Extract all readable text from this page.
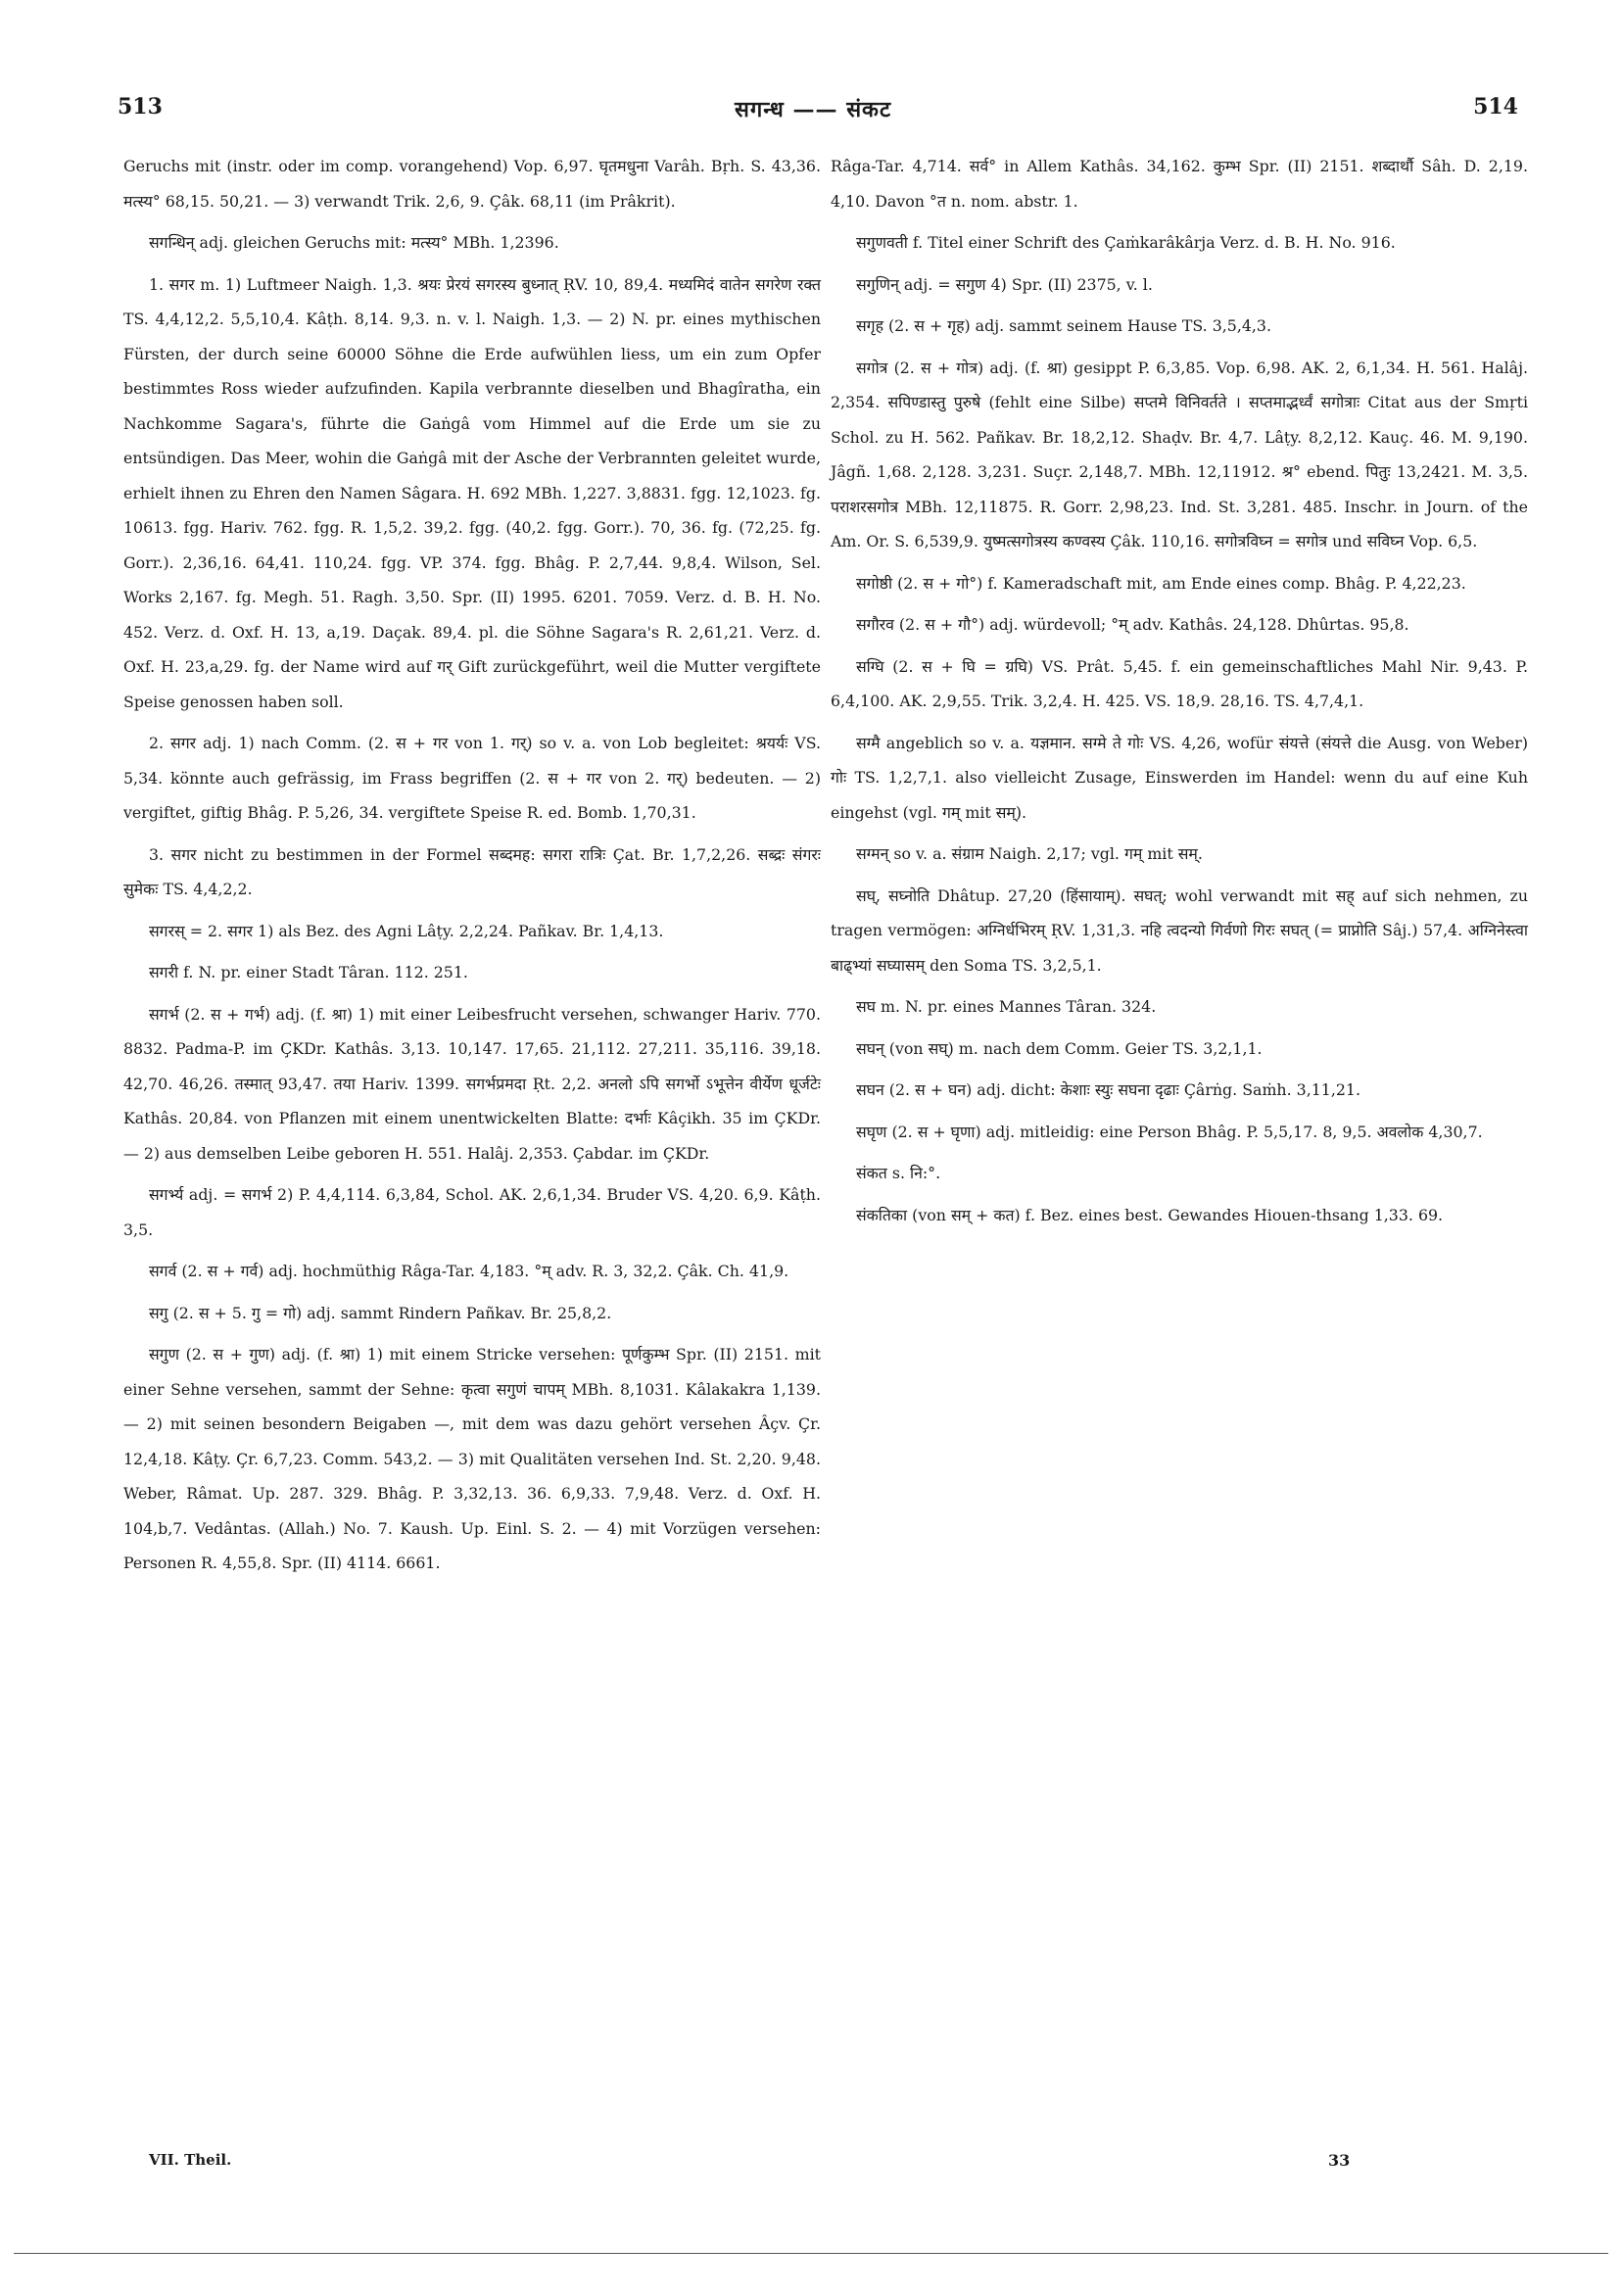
513	सगन्ध —— संकट	514

Geruchs mit (instr. oder im comp. vorangehend) Vop. 6,97. घृतमधुना Varâh. Bṛh. S. 43,36. मत्स्य° 68,15. 50,21. — 3) verwandt Trik. 2,6, 9. Çâk. 68,11 (im Prâkrit).

सगन्धिन् adj. gleichen Geruchs mit: मत्स्य° MBh. 1,2396.

1. सगर m. 1) Luftmeer Naigh. 1,3. श्रयः प्रेरयं सगरस्य बुध्नात् ṚV. 10, 89,4. मध्यमिदं वातेन सगरेण रक्त TS. 4,4,12,2. 5,5,10,4. Kâṭh. 8,14. 9,3. n. v. l. Naigh. 1,3. — 2) N. pr. eines mythischen Fürsten, der durch seine 60000 Söhne die Erde aufwühlen liess, um ein zum Opfer bestimmtes Ross wieder aufzufinden. Kapila verbrannte dieselben und Bhagîratha, ein Nachkomme Sagara's, führte die Gaṅgâ vom Himmel auf die Erde um sie zu entsündigen. Das Meer, wohin die Gaṅgâ mit der Asche der Verbrannten geleitet wurde, erhielt ihnen zu Ehren den Namen Sâgara. H. 692 MBh. 1,227. 3,8831. fgg. 12,1023. fg. 10613. fgg. Hariv. 762. fgg. R. 1,5,2. 39,2. fgg. (40,2. fgg. Gorr.). 70, 36. fg. (72,25. fg. Gorr.). 2,36,16. 64,41. 110,24. fgg. VP. 374. fgg. Bhâg. P. 2,7,44. 9,8,4. Wilson, Sel. Works 2,167. fg. Megh. 51. Ragh. 3,50. Spr. (II) 1995. 6201. 7059. Verz. d. B. H. No. 452. Verz. d. Oxf. H. 13, a,19. Daçak. 89,4. pl. die Söhne Sagara's R. 2,61,21. Verz. d. Oxf. H. 23,a,29. fg. der Name wird auf गर् Gift zurückgeführt, weil die Mutter vergiftete Speise genossen haben soll.

2. सगर adj. 1) nach Comm. (2. स + गर von 1. गर्) so v. a. von Lob begleitet: श्रयर्यः VS. 5,34. könnte auch gefrässig, im Frass begriffen (2. स + गर von 2. गर्) bedeuten. — 2) vergiftet, giftig Bhâg. P. 5,26, 34. vergiftete Speise R. ed. Bomb. 1,70,31.

3. सगर nicht zu bestimmen in der Formel सब्दमह: सगरा रात्रिः Çat. Br. 1,7,2,26. सब्द्रः संगरः सुमेकः TS. 4,4,2,2.

सगरस् = 2. सगर 1) als Bez. des Agni Lâṭy. 2,2,24. Pañkav. Br. 1,4,13.

सगरी f. N. pr. einer Stadt Târan. 112. 251.

सगर्भ (2. स + गर्भ) adj. (f. श्रा) 1) mit einer Leibesfrucht versehen, schwanger Hariv. 770. 8832. Padma-P. im ÇKDr. Kathâs. 3,13. 10,147. 17,65. 21,112. 27,211. 35,116. 39,18. 42,70. 46,26. तस्मात् 93,47. तया Hariv. 1399. सगर्भप्रमदा Ṛt. 2,2. अनलो ऽपि सगर्भो ऽभूत्तेन वीर्येण धूर्जटेः Kathâs. 20,84. von Pflanzen mit einem unentwickelten Blatte: दर्भाः Kâçikh. 35 im ÇKDr. — 2) aus demselben Leibe geboren H. 551. Halâj. 2,353. Çabdar. im ÇKDr.

सगर्भ्य adj. = सगर्भ 2) P. 4,4,114. 6,3,84, Schol. AK. 2,6,1,34. Bruder VS. 4,20. 6,9. Kâṭh. 3,5.

सगर्व (2. स + गर्व) adj. hochmüthig Râga-Tar. 4,183. °म् adv. R. 3, 32,2. Çâk. Ch. 41,9.

सगु (2. स + 5. गु = गो) adj. sammt Rindern Pañkav. Br. 25,8,2.

सगुण (2. स + गुण) adj. (f. श्रा) 1) mit einem Stricke versehen: पूर्णकुम्भ Spr. (II) 2151. mit einer Sehne versehen, sammt der Sehne: कृत्वा सगुणं चापम् MBh. 8,1031. Kâlakakra 1,139. — 2) mit seinen besondern Beigaben —, mit dem was dazu gehört versehen Âçv. Çr. 12,4,18. Kâṭy. Çr. 6,7,23. Comm. 543,2. — 3) mit Qualitäten versehen Ind. St. 2,20. 9,48. Weber, Râmat. Up. 287. 329. Bhâg. P. 3,32,13. 36. 6,9,33. 7,9,48. Verz. d. Oxf. H. 104,b,7. Vedântas. (Allah.) No. 7. Kaush. Up. Einl. S. 2. — 4) mit Vorzügen versehen: Personen R. 4,55,8. Spr. (II) 4114. 6661.

Râga-Tar. 4,714. सर्व° in Allem Kathâs. 34,162. कुम्भ Spr. (II) 2151. शब्दार्थौ Sâh. D. 2,19. 4,10. Davon °त n. nom. abstr. 1.

सगुणवती f. Titel einer Schrift des Çaṁkarâkârja Verz. d. B. H. No. 916.

सगुणिन् adj. = सगुण 4) Spr. (II) 2375, v. l.

सगृह (2. स + गृह) adj. sammt seinem Hause TS. 3,5,4,3.

सगोत्र (2. स + गोत्र) adj. (f. श्रा) gesippt P. 6,3,85. Vop. 6,98. AK. 2, 6,1,34. H. 561. Halâj. 2,354. सपिण्डास्तु पुरुषे (fehlt eine Silbe) सप्तमे विनिवर्तते । सप्तमाद्भर्ध्वं सगोत्राः Citat aus der Smṛti Schol. zu H. 562. Pañkav. Br. 18,2,12. Shaḍv. Br. 4,7. Lâṭy. 8,2,12. Kauç. 46. M. 9,190. Jâgñ. 1,68. 2,128. 3,231. Suçr. 2,148,7. MBh. 12,11912. श्र° ebend. पितुः 13,2421. M. 3,5. पराशरसगोत्र MBh. 12,11875. R. Gorr. 2,98,23. Ind. St. 3,281. 485. Inschr. in Journ. of the Am. Or. S. 6,539,9. युष्मत्सगोत्रस्य कण्वस्य Çâk. 110,16. सगोत्रविघ्न = सगोत्र und सविघ्न Vop. 6,5.

सगोष्ठी (2. स + गो°) f. Kameradschaft mit, am Ende eines comp. Bhâg. P. 4,22,23.

सगौरव (2. स + गौ°) adj. würdevoll; °म् adv. Kathâs. 24,128. Dhûrtas. 95,8.

सग्घि (2. स + घि = ग्रघि) VS. Prât. 5,45. f. ein gemeinschaftliches Mahl Nir. 9,43. P. 6,4,100. AK. 2,9,55. Trik. 3,2,4. H. 425. VS. 18,9. 28,16. TS. 4,7,4,1.

सग्मै angeblich so v. a. यज्ञमान. सग्मे ते गोः VS. 4,26, wofür संयत्ते (संयत्ते die Ausg. von Weber) गोः TS. 1,2,7,1. also vielleicht Zusage, Einswerden im Handel: wenn du auf eine Kuh eingehst (vgl. गम् mit सम्).

सग्मन् so v. a. संग्राम Naigh. 2,17; vgl. गम् mit सम्.

सघ्, सघ्नोति Dhâtup. 27,20 (हिंसायाम्). सघत्; wohl verwandt mit सह् auf sich nehmen, zu tragen vermögen: अग्निर्धभिरम् ṚV. 1,31,3. नहि त्वदन्यो गिर्वणो गिरः सघत् (= प्राप्नोति Sâj.) 57,4. अग्निनेस्त्वा बाढ्भ्यां सघ्यासम् den Soma TS. 3,2,5,1.

सघ m. N. pr. eines Mannes Târan. 324.

सघन् (von सघ्) m. nach dem Comm. Geier TS. 3,2,1,1.

सघन (2. स + घन) adj. dicht: केशाः स्युः सघना दृढाः Çârṅg. Saṁh. 3,11,21.

सघृण (2. स + घृणा) adj. mitleidig: eine Person Bhâg. P. 5,5,17. 8, 9,5. अवलोक 4,30,7.

संकत s. नि:°.

संकतिका (von सम् + कत) f. Bez. eines best. Gewandes Hiouen-thsang 1,33. 69.

VII. Theil.	33
